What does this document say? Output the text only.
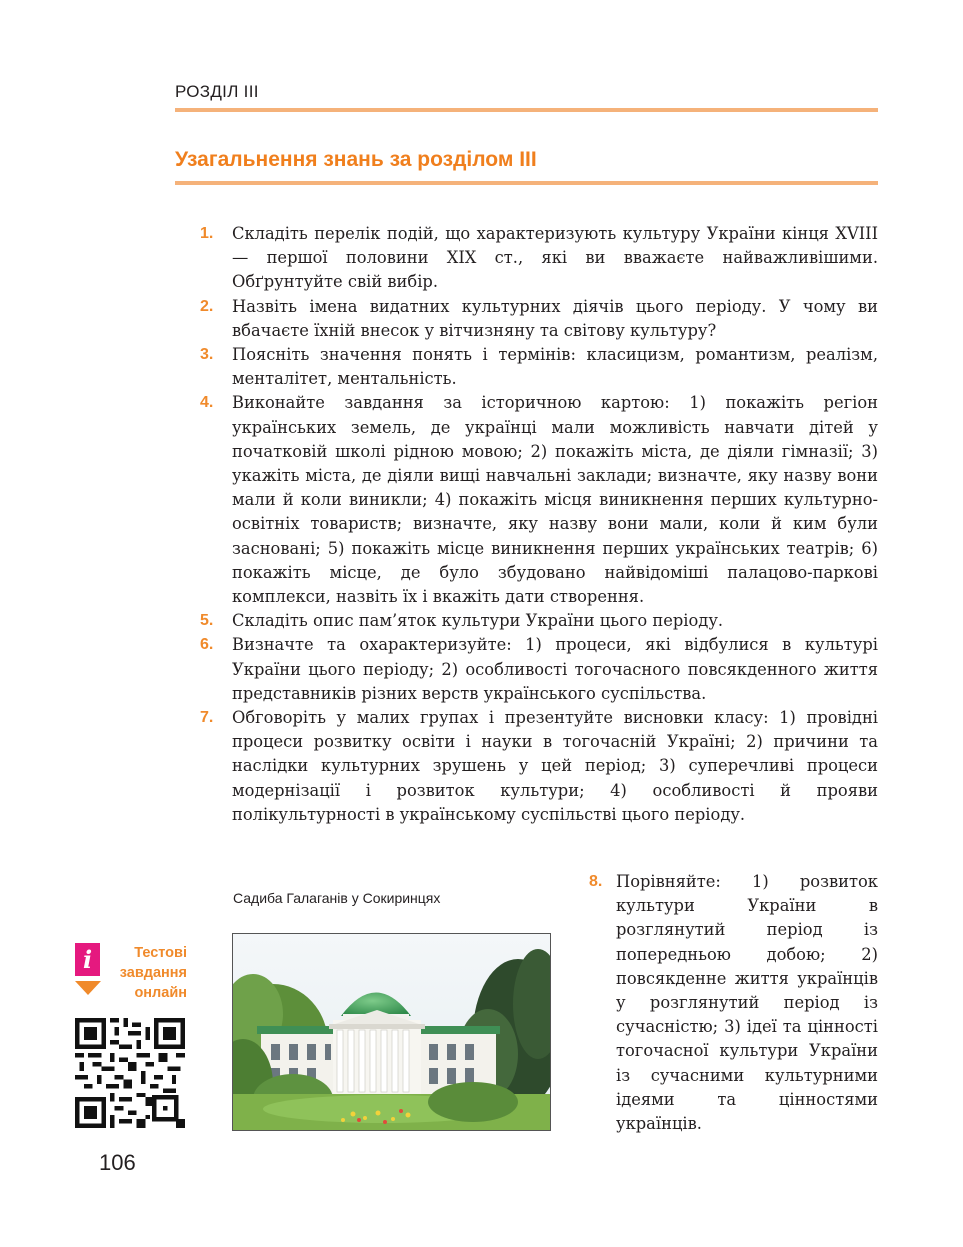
РОЗДІЛ ІІІ
Узагальнення знань за розділом ІІІ
1. Складіть перелік подій, що характеризують культуру України кінця XVIII — першої половини XIX ст., які ви вважаєте найважливішими. Обґрунтуйте свій вибір.
2. Назвіть імена видатних культурних діячів цього періоду. У чому ви вбачаєте їхній внесок у вітчизняну та світову культуру?
3. Поясніть значення понять і термінів: класицизм, романтизм, реалізм, менталітет, ментальність.
4. Виконайте завдання за історичною картою: 1) покажіть регіон українських земель, де українці мали можливість навчати дітей у початковій школі рідною мовою; 2) покажіть міста, де діяли гімназії; 3) укажіть міста, де діяли вищі навчальні заклади; визначте, яку назву вони мали й коли виникли; 4) покажіть місця виникнення перших культурно-освітніх товариств; визначте, яку назву вони мали, коли й ким були засновані; 5) покажіть місце виникнення перших українських театрів; 6) покажіть місце, де було збудовано найвідоміші палацово-паркові комплекси, назвіть їх і вкажіть дати створення.
5. Складіть опис пам’яток культури України цього періоду.
6. Визначте та охарактеризуйте: 1) процеси, які відбулися в культурі України цього періоду; 2) особливості тогочасного повсякденного життя представників різних верств українського суспільства.
7. Обговоріть у малих групах і презентуйте висновки класу: 1) провідні процеси розвитку освіти і науки в тогочасній Україні; 2) причини та наслідки культурних зрушень у цей період; 3) суперечливі процеси модернізації і розвиток культури; 4) особливості й прояви полікультурності в українському суспільстві цього періоду.
Садиба Галаганів у Сокиринцях
8. Порівняйте: 1) розвиток культури України в розглянутий період із попередньою добою; 2) повсякденне життя українців у розглянутий період із сучасністю; 3) ідеї та цінності тогочасної культури України із сучасними культурними ідеями та цінностями українців.
i	Тестові
завдання
онлайн
106
